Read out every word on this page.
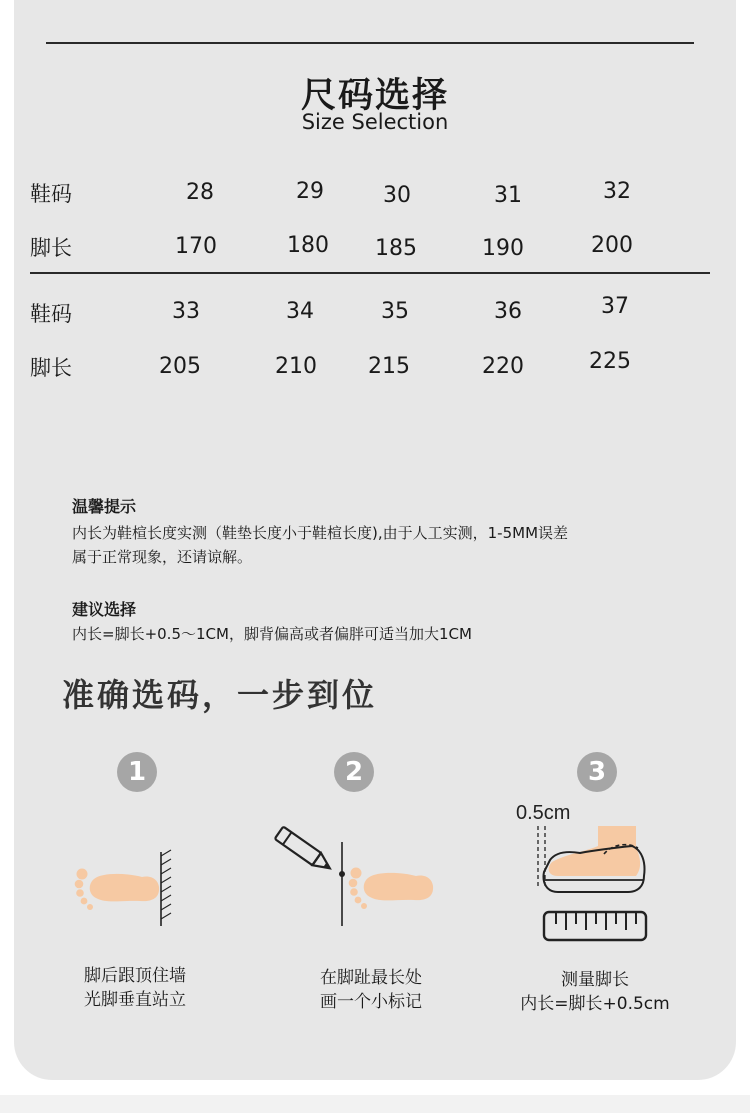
尺码选择
Size Selection
鞋码	28	29	30	31	32
脚长	170	180	185	190	200
鞋码	33	34	35	36	37
脚长	205	210	215	220	225
温馨提示
内长为鞋楦长度实测（鞋垫长度小于鞋楦长度),由于人工实测，1-5MM误差
属于正常现象，还请谅解。
建议选择
内长=脚长+0.5～1CM，脚背偏高或者偏胖可适当加大1CM
准确选码，一步到位
1	2	3
脚后跟顶住墙
光脚垂直站立
在脚趾最长处
画一个小标记
0.5cm
测量脚长
内长=脚长+0.5cm
